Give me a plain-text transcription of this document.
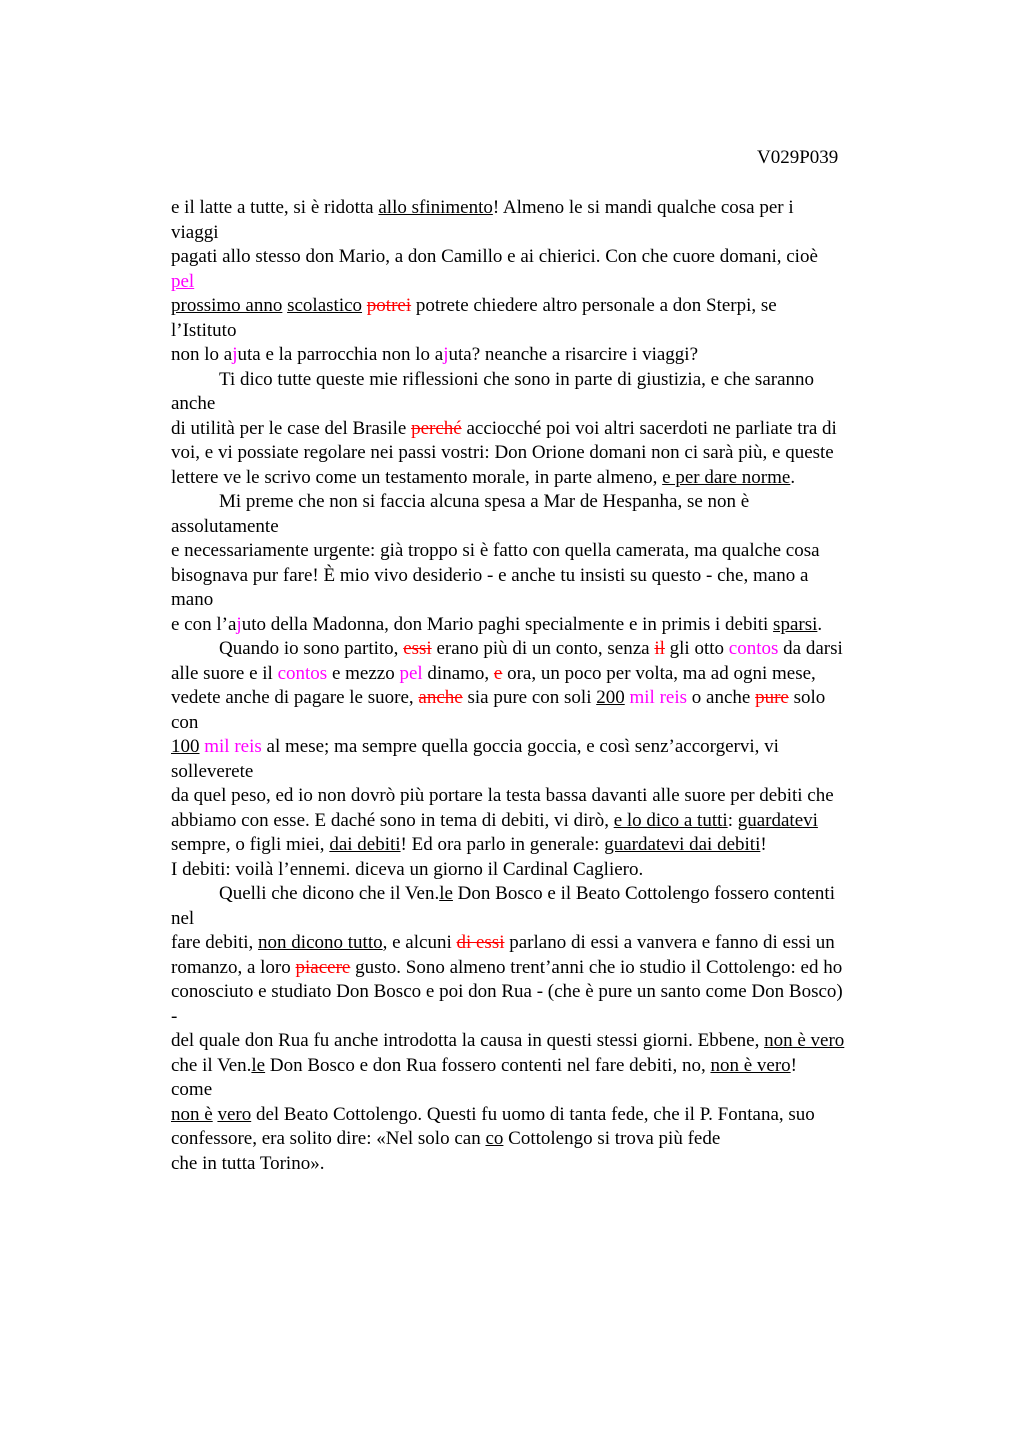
V029P039
e il latte a tutte, si è ridotta allo sfinimento! Almeno le si mandi qualche cosa per i
viaggi
pagati allo stesso don Mario, a don Camillo e ai chierici. Con che cuore domani, cioè
pel
prossimo anno scolastico potrei potrete chiedere altro personale a don Sterpi, se
l’Istituto
non lo ajuta e la parrocchia non lo ajuta? neanche a risarcire i viaggi?
Ti dico tutte queste mie riflessioni che sono in parte di giustizia, e che saranno
anche
di utilità per le case del Brasile perché acciocché poi voi altri sacerdoti ne parliate tra di
voi, e vi possiate regolare nei passi vostri: Don Orione domani non ci sarà più, e queste
lettere ve le scrivo come un testamento morale, in parte almeno, e per dare norme.
Mi preme che non si faccia alcuna spesa a Mar de Hespanha, se non è
assolutamente
e necessariamente urgente: già troppo si è fatto con quella camerata, ma qualche cosa
bisognava pur fare! È mio vivo desiderio - e anche tu insisti su questo - che, mano a
mano
e con l’ajuto della Madonna, don Mario paghi specialmente e in primis i debiti sparsi.
Quando io sono partito, essi erano più di un conto, senza il gli otto contos da darsi
alle suore e il contos e mezzo pel dinamo, e ora, un poco per volta, ma ad ogni mese,
vedete anche di pagare le suore, anche sia pure con soli 200 mil reis o anche pure solo
con
100 mil reis al mese; ma sempre quella goccia goccia, e così senz’accorgervi, vi
solleverete
da quel peso, ed io non dovrò più portare la testa bassa davanti alle suore per debiti che
abbiamo con esse. E daché sono in tema di debiti, vi dirò, e lo dico a tutti: guardatevi
sempre, o figli miei, dai debiti! Ed ora parlo in generale: guardatevi dai debiti!
I debiti: voilà l’ennemi. diceva un giorno il Cardinal Cagliero.
Quelli che dicono che il Ven.le Don Bosco e il Beato Cottolengo fossero contenti
nel
fare debiti, non dicono tutto, e alcuni di essi parlano di essi a vanvera e fanno di essi un
romanzo, a loro piacere gusto. Sono almeno trent’anni che io studio il Cottolengo: ed ho
conosciuto e studiato Don Bosco e poi don Rua - (che è pure un santo come Don Bosco)
-
del quale don Rua fu anche introdotta la causa in questi stessi giorni. Ebbene, non è vero
che il Ven.le Don Bosco e don Rua fossero contenti nel fare debiti, no, non è vero!
come
non è vero del Beato Cottolengo. Questi fu uomo di tanta fede, che il P. Fontana, suo
confessore, era solito dire: «Nel solo can co Cottolengo si trova più fede
che in tutta Torino».
